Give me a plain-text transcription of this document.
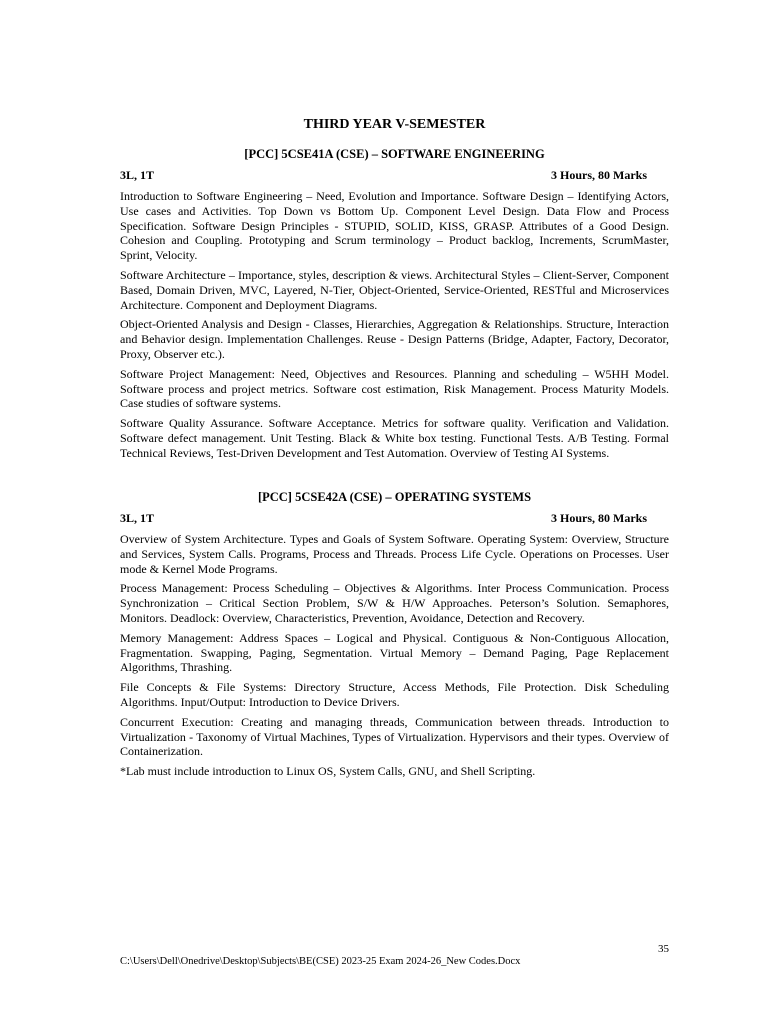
THIRD YEAR V-SEMESTER
[PCC] 5CSE41A (CSE) – SOFTWARE ENGINEERING
3L, 1T	3 Hours, 80 Marks

Introduction to Software Engineering – Need, Evolution and Importance. Software Design – Identifying Actors, Use cases and Activities. Top Down vs Bottom Up. Component Level Design. Data Flow and Process Specification. Software Design Principles - STUPID, SOLID, KISS, GRASP. Attributes of a Good Design. Cohesion and Coupling. Prototyping and Scrum terminology – Product backlog, Increments, ScrumMaster, Sprint, Velocity.

Software Architecture – Importance, styles, description & views. Architectural Styles – Client-Server, Component Based, Domain Driven, MVC, Layered, N-Tier, Object-Oriented, Service-Oriented, RESTful and Microservices Architecture. Component and Deployment Diagrams.

Object-Oriented Analysis and Design - Classes, Hierarchies, Aggregation & Relationships. Structure, Interaction and Behavior design. Implementation Challenges. Reuse - Design Patterns (Bridge, Adapter, Factory, Decorator, Proxy, Observer etc.).

Software Project Management: Need, Objectives and Resources. Planning and scheduling – W5HH Model. Software process and project metrics. Software cost estimation, Risk Management. Process Maturity Models. Case studies of software systems.

Software Quality Assurance. Software Acceptance. Metrics for software quality. Verification and Validation. Software defect management. Unit Testing. Black & White box testing. Functional Tests. A/B Testing. Formal Technical Reviews, Test-Driven Development and Test Automation. Overview of Testing AI Systems.

[PCC] 5CSE42A (CSE) – OPERATING SYSTEMS
3L, 1T	3 Hours, 80 Marks

Overview of System Architecture. Types and Goals of System Software. Operating System: Overview, Structure and Services, System Calls. Programs, Process and Threads. Process Life Cycle. Operations on Processes. User mode & Kernel Mode Programs.

Process Management: Process Scheduling – Objectives & Algorithms. Inter Process Communication. Process Synchronization – Critical Section Problem, S/W & H/W Approaches. Peterson’s Solution. Semaphores, Monitors. Deadlock: Overview, Characteristics, Prevention, Avoidance, Detection and Recovery.

Memory Management: Address Spaces – Logical and Physical. Contiguous & Non-Contiguous Allocation, Fragmentation. Swapping, Paging, Segmentation. Virtual Memory – Demand Paging, Page Replacement Algorithms, Thrashing.

File Concepts & File Systems: Directory Structure, Access Methods, File Protection. Disk Scheduling Algorithms. Input/Output: Introduction to Device Drivers.

Concurrent Execution: Creating and managing threads, Communication between threads. Introduction to Virtualization - Taxonomy of Virtual Machines, Types of Virtualization. Hypervisors and their types. Overview of Containerization.

*Lab must include introduction to Linux OS, System Calls, GNU, and Shell Scripting.

35
C:\Users\Dell\Onedrive\Desktop\Subjects\BE(CSE) 2023-25 Exam 2024-26_New Codes.Docx
